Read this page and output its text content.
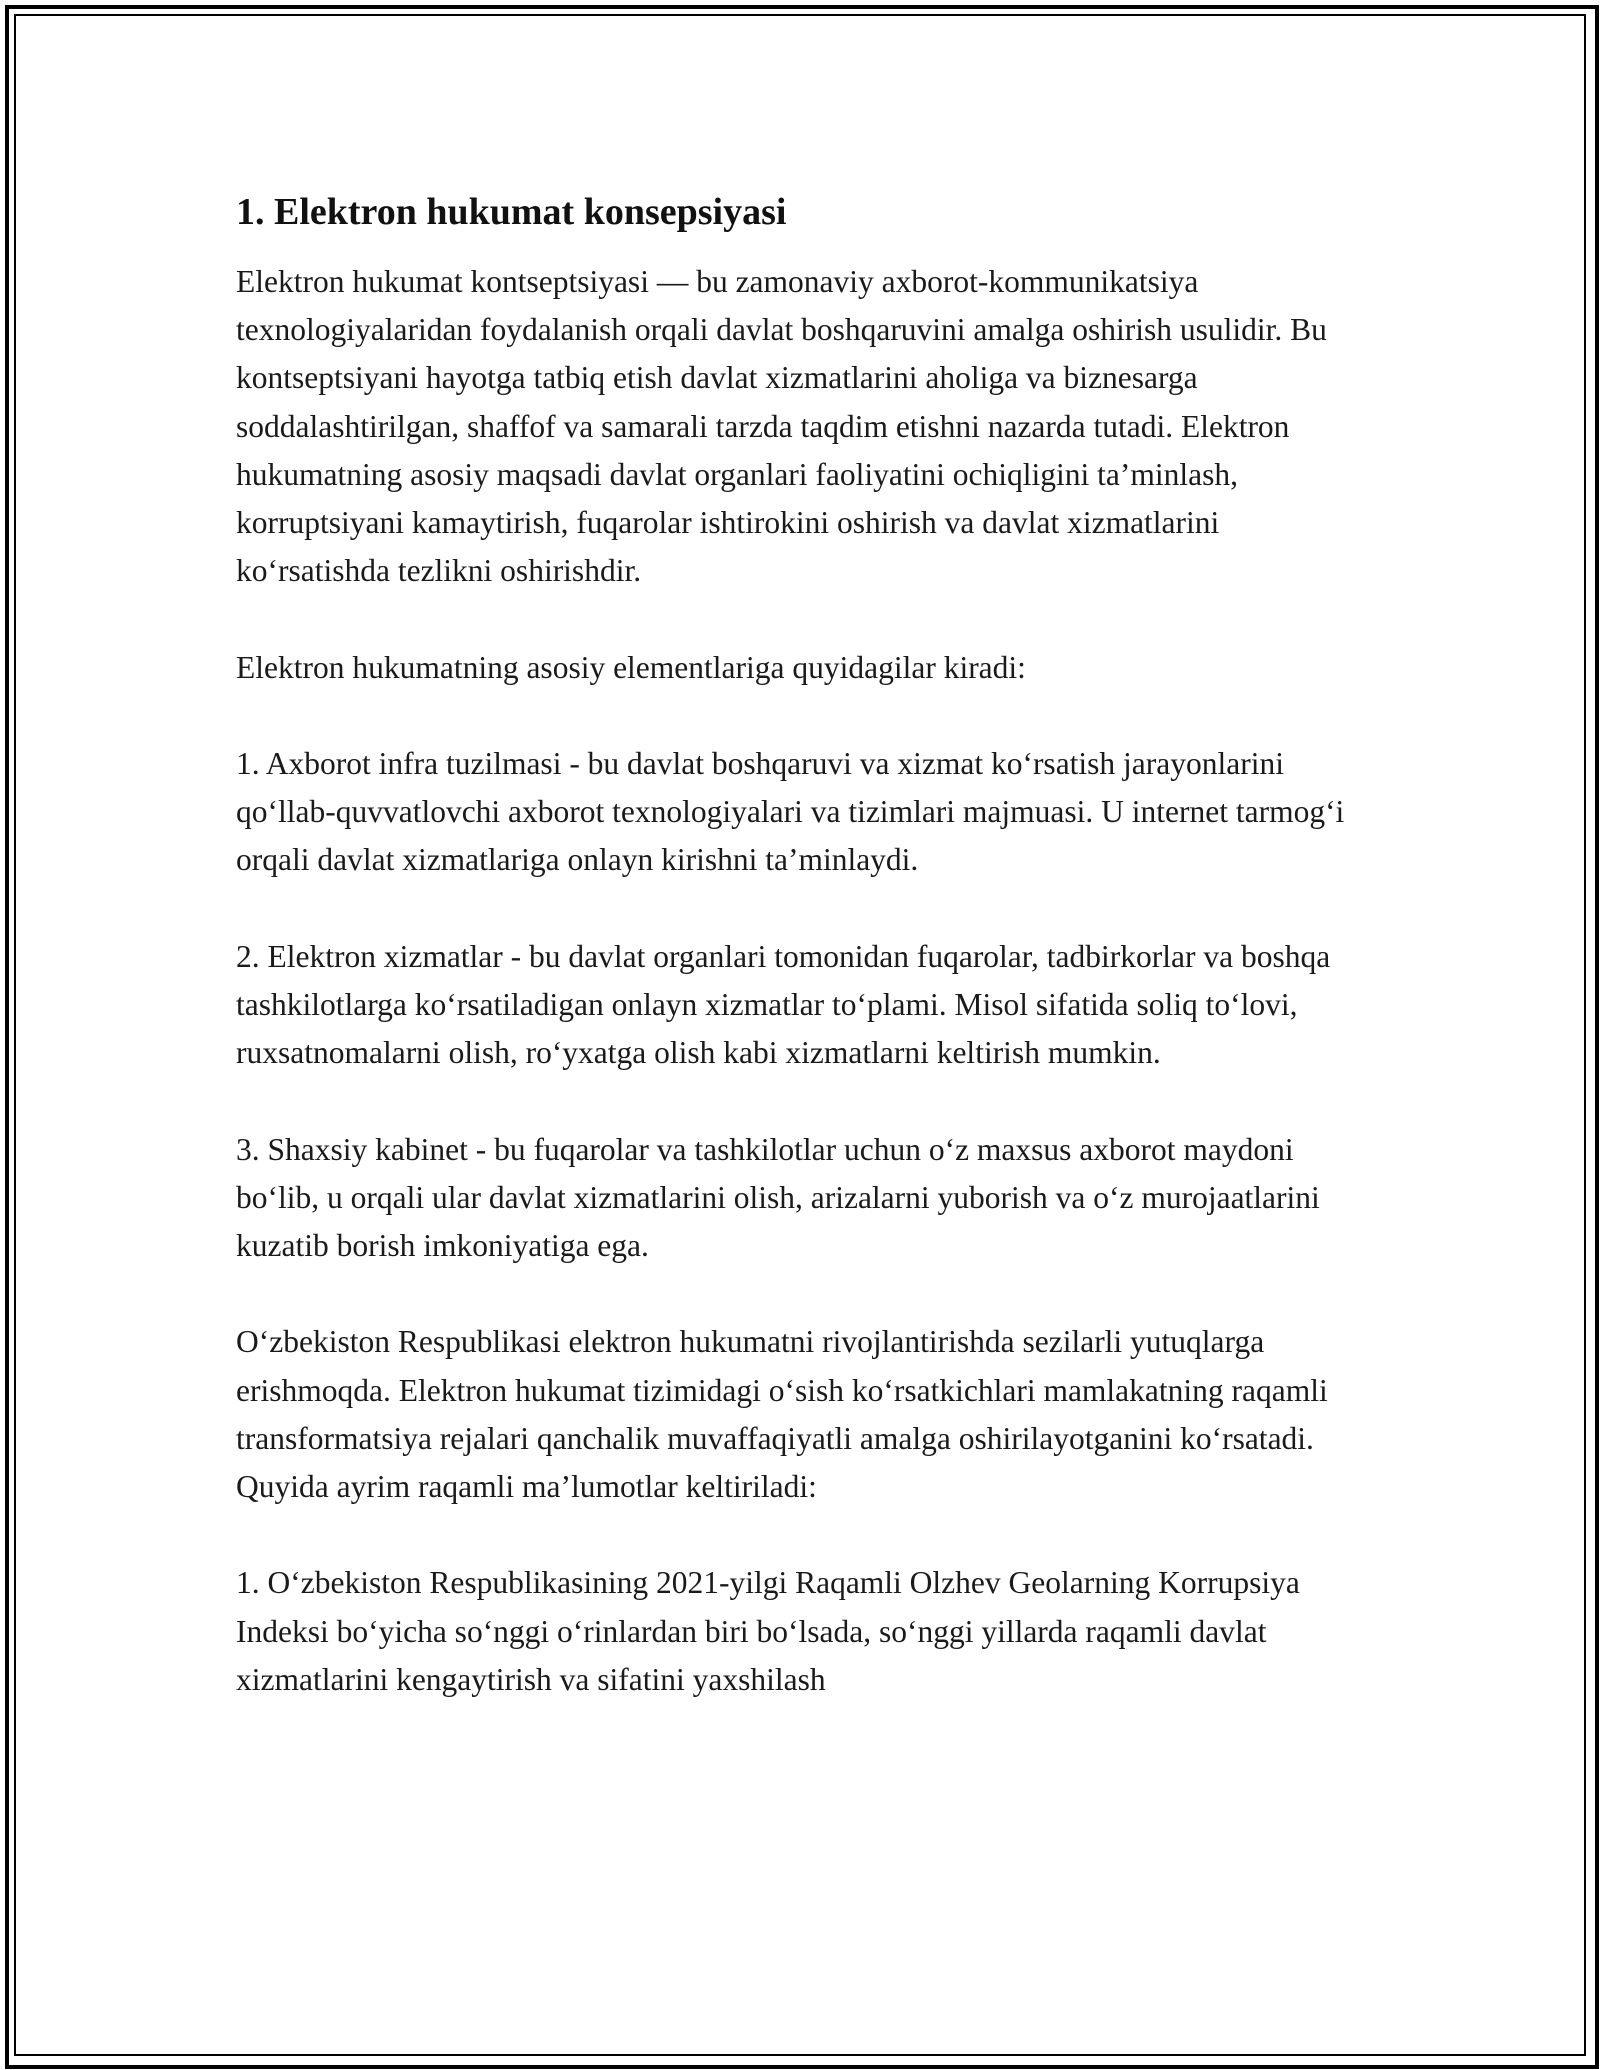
1. Elektron hukumat konsepsiyasi

Elektron hukumat kontseptsiyasi — bu zamonaviy axborot-kommunikatsiya texnologiyalaridan foydalanish orqali davlat boshqaruvini amalga oshirish usulidir. Bu kontseptsiyani hayotga tatbiq etish davlat xizmatlarini aholiga va biznesarga soddalashtirilgan, shaffof va samarali tarzda taqdim etishni nazarda tutadi. Elektron hukumatning asosiy maqsadi davlat organlari faoliyatini ochiqligini ta’minlash, korruptsiyani kamaytirish, fuqarolar ishtirokini oshirish va davlat xizmatlarini ko‘rsatishda tezlikni oshirishdir.

Elektron hukumatning asosiy elementlariga quyidagilar kiradi:

1. Axborot infra tuzilmasi - bu davlat boshqaruvi va xizmat ko‘rsatish jarayonlarini qo‘llab-quvvatlovchi axborot texnologiyalari va tizimlari majmuasi. U internet tarmog‘i orqali davlat xizmatlariga onlayn kirishni ta’minlaydi.

2. Elektron xizmatlar - bu davlat organlari tomonidan fuqarolar, tadbirkorlar va boshqa tashkilotlarga ko‘rsatiladigan onlayn xizmatlar to‘plami. Misol sifatida soliq to‘lovi, ruxsatnomalarni olish, ro‘yxatga olish kabi xizmatlarni keltirish mumkin.

3. Shaxsiy kabinet - bu fuqarolar va tashkilotlar uchun o‘z maxsus axborot maydoni bo‘lib, u orqali ular davlat xizmatlarini olish, arizalarni yuborish va o‘z murojaatlarini kuzatib borish imkoniyatiga ega.

O‘zbekiston Respublikasi elektron hukumatni rivojlantirishda sezilarli yutuqlarga erishmoqda. Elektron hukumat tizimidagi o‘sish ko‘rsatkichlari mamlakatning raqamli transformatsiya rejalari qanchalik muvaffaqiyatli amalga oshirilayotganini ko‘rsatadi. Quyida ayrim raqamli ma’lumotlar keltiriladi:

1. O‘zbekiston Respublikasining 2021-yilgi Raqamli Olzhev Geolarning Korrupsiya Indeksi bo‘yicha so‘nggi o‘rinlardan biri bo‘lsada, so‘nggi yillarda raqamli davlat xizmatlarini kengaytirish va sifatini yaxshilash
